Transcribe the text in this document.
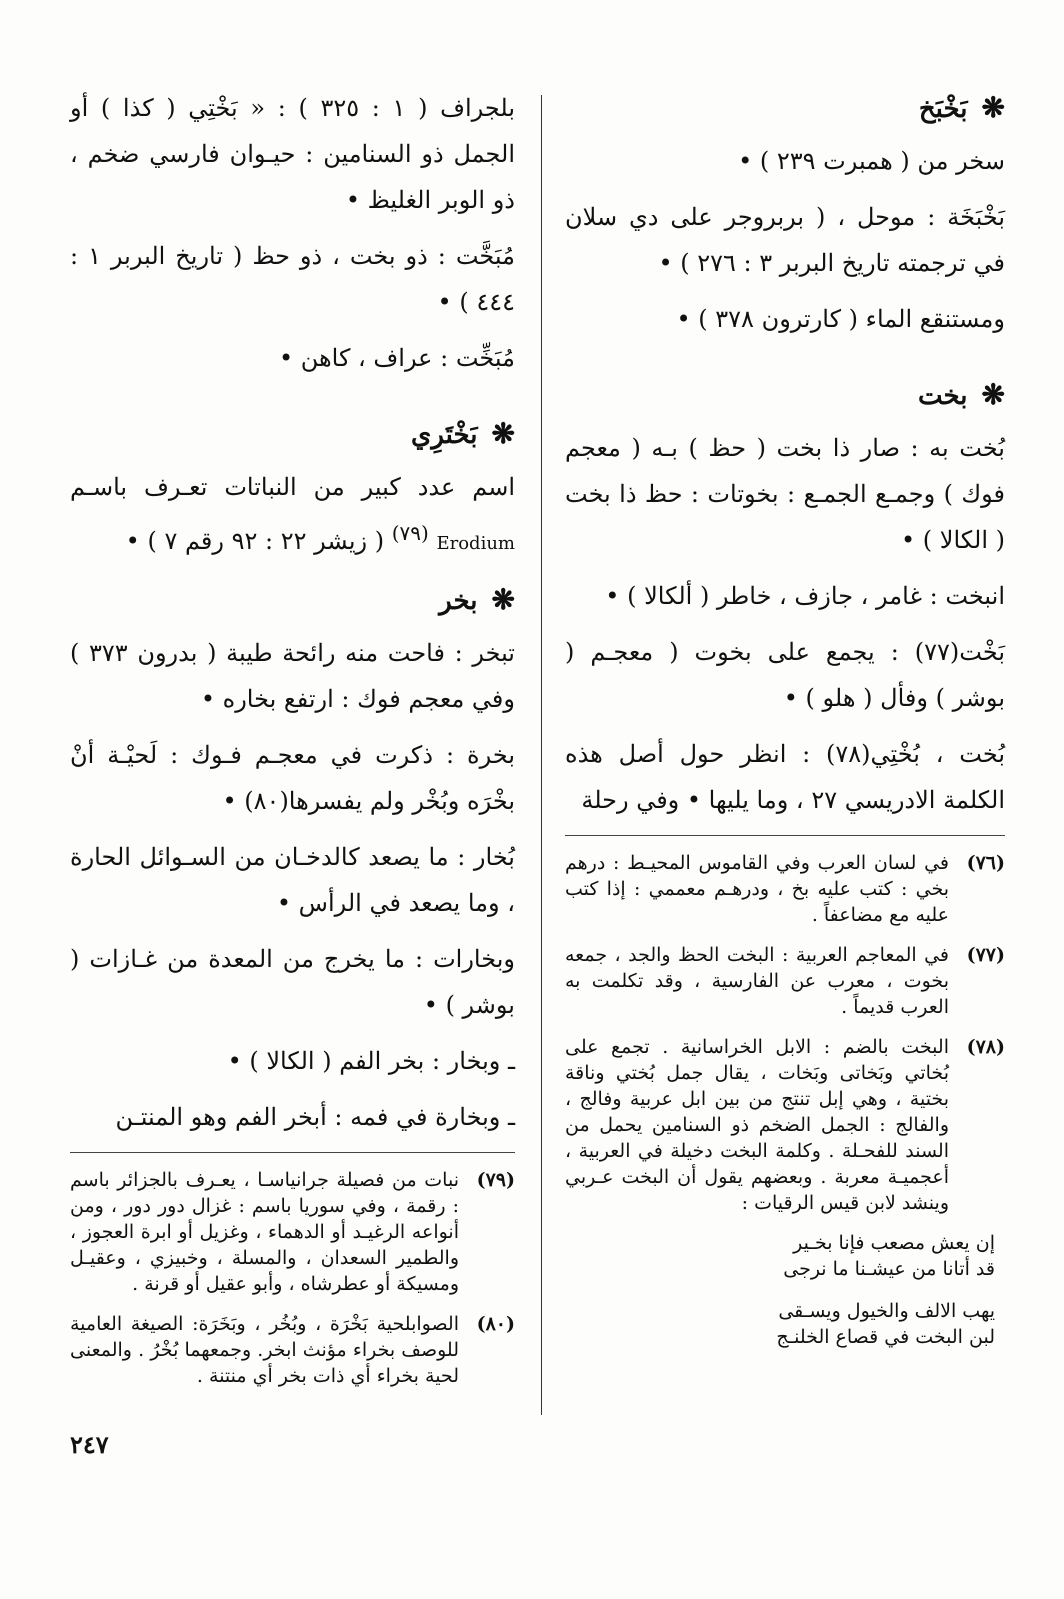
❋بَخْبَخ

سخر من ( همبرت ٢٣٩ ) •

بَخْبَخَة : موحل ، ( بربروجر على دي سلان في ترجمته تاريخ البربر ٣ : ٢٧٦ ) •

ومستنقع الماء ( كارترون ٣٧٨ ) •

❋بخت

بُخت به : صار ذا بخت ( حظ ) بـه ( معجم فوك ) وجمـع الجمـع : بخوتات : حظ ذا بخت ( الكالا ) •

انبخت : غامر ، جازف ، خاطر ( ألكالا ) •

بَخْت(٧٧) : يجمع على بخوت ( معجـم ( بوشر ) وفأل ( هلو ) •

بُخت ، بُخْتِي(٧٨) : انظر حول أصل هذه الكلمة الادريسي ٢٧ ، وما يليها • وفي رحلة

(٧٦)
في لسان العرب وفي القاموس المحيـط : درهم بخي : كتب عليه بخ ، ودرهـم معممي : إذا كتب عليه مع مضاعفاً .
(٧٧)
في المعاجم العربية : البخت الحظ والجد ، جمعه بخوت ، معرب عن الفارسية ، وقد تكلمت به العرب قديماً .
(٧٨)
البخت بالضم : الابل الخراسانية . تجمع على بُخاتي وبَخاتى وبَخات ، يقال جمل بُختي وناقة بختية ، وهي إبل تنتج من بين ابل عربية وفالج ، والفالج : الجمل الضخم ذو السنامين يحمل من السند للفحـلة . وكلمة البخت دخيلة في العربية ، أعجميـة معربة . وبعضهم يقول أن البخت عـربي وينشد لابن قيس الرقيات :
إن يعش مصعب فإنا بخـير
قد أتانا من عيشـنا ما نرجى
يهب الالف والخيول ويسـقى
لبن البخت في قصاع الخلنـج

بلجراف ( ١ : ٣٢٥ ) : « بَخْتِي ( كذا ) أو الجمل ذو السنامين : حيـوان فارسي ضخم ، ذو الوبر الغليظ •

مُبَخَّت : ذو بخت ، ذو حظ ( تاريخ البربر ١ : ٤٤٤ ) •

مُبَخِّت : عراف ، كاهن •

❋بَخْتَرِي

اسم عدد كبير من النباتات تعـرف باسـم Erodium $^{(٧٩)}$ ( زيشر ٢٢ : ٩٢ رقم ٧ ) •

❋بخر

تبخر : فاحت منه رائحة طيبة ( بدرون ٣٧٣ ) وفي معجم فوك : ارتفع بخاره •

بخرة : ذكرت في معجـم فـوك : لَحيْـة أنْ بخْرَه وبُخْر ولم يفسرها(٨٠) •

بُخار : ما يصعد كالدخـان من السـوائل الحارة ، وما يصعد في الرأس •

وبخارات : ما يخرج من المعدة من غـازات ( بوشر ) •

ـ وبخار : بخر الفم ( الكالا ) •

ـ وبخارة في فمه : أبخر الفم وهو المنتـن

(٧٩)
نبات من فصيلة جرانياسـا ، يعـرف بالجزائر باسم : رقمة ، وفي سوريا باسم : غزال دور دور ، ومن أنواعه الرغيـد أو الدهماء ، وغزيل أو ابرة العجوز ، والطمير السعدان ، والمسلة ، وخبيزي ، وعقيـل ومسيكة أو عطرشاه ، وأبو عقيل أو قرنة .
(٨٠)
الصوابلحية بَخْرَة ، وبُخُر ، وبَخَرَة: الصيغة العامية للوصف بخراء مؤنث ابخر. وجمعهما بُخْرُ . والمعنى لحية بخراء أي ذات بخر أي منتنة .
٢٤٧
